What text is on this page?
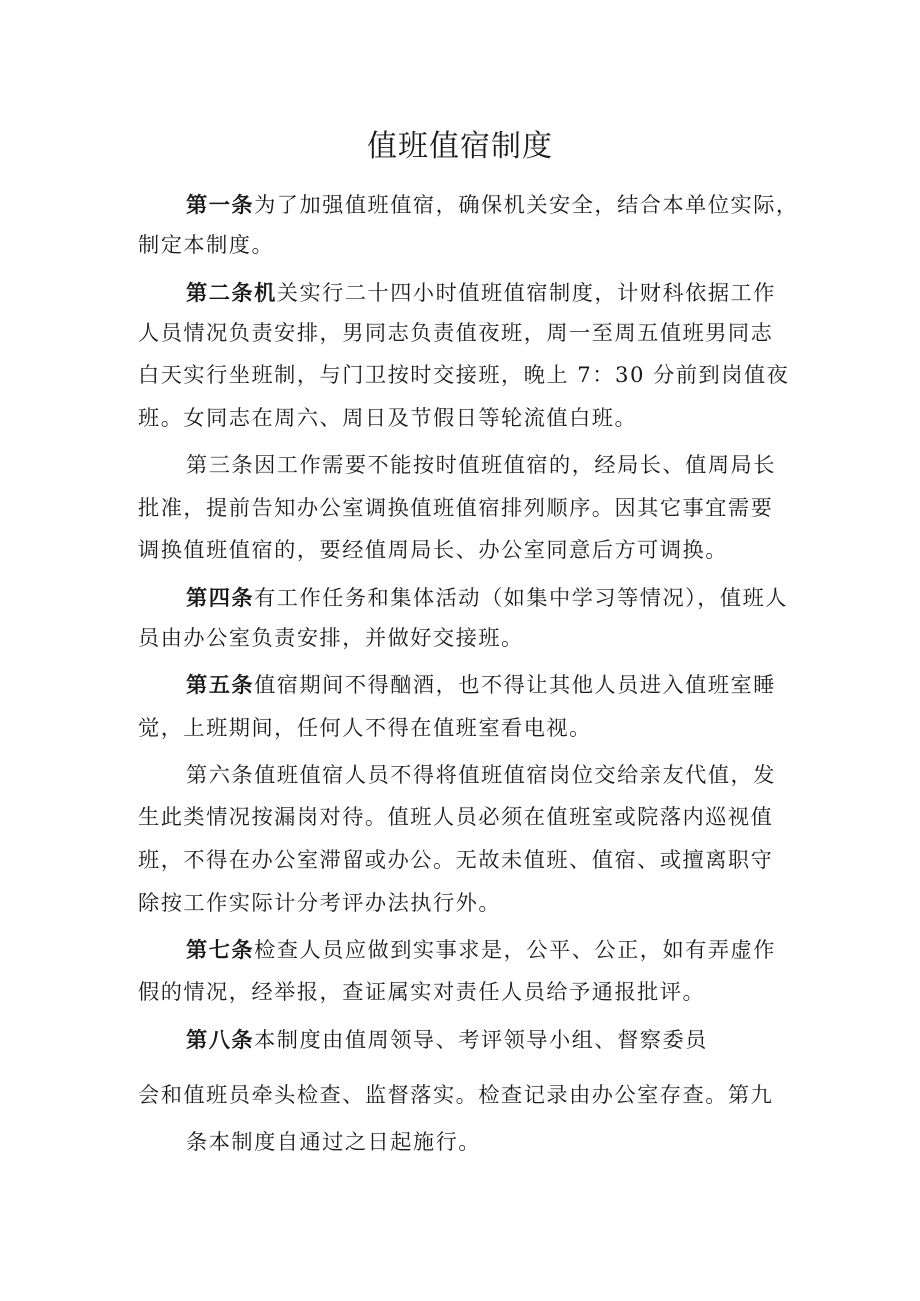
值班值宿制度
第一条为了加强值班值宿，确保机关安全，结合本单位实际，
制定本制度。
第二条机关实行二十四小时值班值宿制度，计财科依据工作
人员情况负责安排，男同志负责值夜班，周一至周五值班男同志
白天实行坐班制，与门卫按时交接班，晚上 7：30 分前到岗值夜
班。女同志在周六、周日及节假日等轮流值白班。
第三条因工作需要不能按时值班值宿的，经局长、值周局长
批准，提前告知办公室调换值班值宿排列顺序。因其它事宜需要
调换值班值宿的，要经值周局长、办公室同意后方可调换。
第四条有工作任务和集体活动（如集中学习等情况），值班人
员由办公室负责安排，并做好交接班。
第五条值宿期间不得酗酒，也不得让其他人员进入值班室睡
觉，上班期间，任何人不得在值班室看电视。
第六条值班值宿人员不得将值班值宿岗位交给亲友代值，发
生此类情况按漏岗对待。值班人员必须在值班室或院落内巡视值
班，不得在办公室滞留或办公。无故未值班、值宿、或擅离职守
除按工作实际计分考评办法执行外。
第七条检查人员应做到实事求是，公平、公正，如有弄虚作
假的情况，经举报，查证属实对责任人员给予通报批评。
第八条本制度由值周领导、考评领导小组、督察委员
会和值班员牵头检查、监督落实。检查记录由办公室存查。第九
条本制度自通过之日起施行。
